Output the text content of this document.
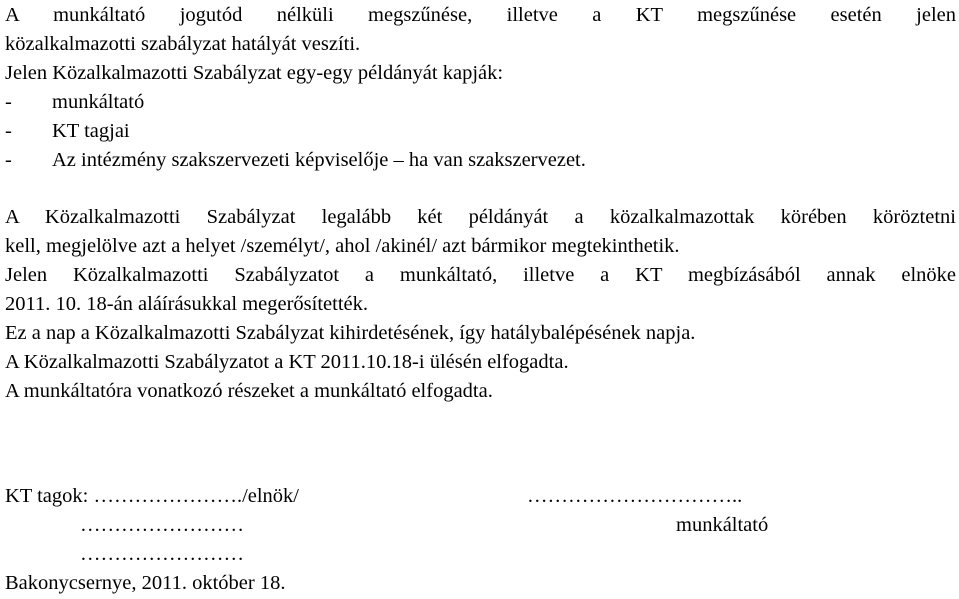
A munkáltató jogutód nélküli megszűnése, illetve a KT megszűnése esetén jelen
közalkalmazotti szabályzat hatályát veszíti.
Jelen Közalkalmazotti Szabályzat egy-egy példányát kapják:
- munkáltató
- KT tagjai
- Az intézmény szakszervezeti képviselője – ha van szakszervezet.
A Közalkalmazotti Szabályzat legalább két példányát a közalkalmazottak körében köröztetni
kell, megjelölve azt a helyet /személyt/, ahol /akinél/ azt bármikor megtekinthetik.
Jelen Közalkalmazotti Szabályzatot a munkáltató, illetve a KT megbízásából annak elnöke
2011. 10. 18-án aláírásukkal megerősítették.
Ez a nap a Közalkalmazotti Szabályzat kihirdetésének, így hatálybalépésének napja.
A Közalkalmazotti Szabályzatot a KT 2011.10.18-i ülésén elfogadta.
A munkáltatóra vonatkozó részeket a munkáltató elfogadta.
KT tagok: …………………./elnök/	…………………………..
……………………	munkáltató
……………………
Bakonycsernye, 2011. október 18.
